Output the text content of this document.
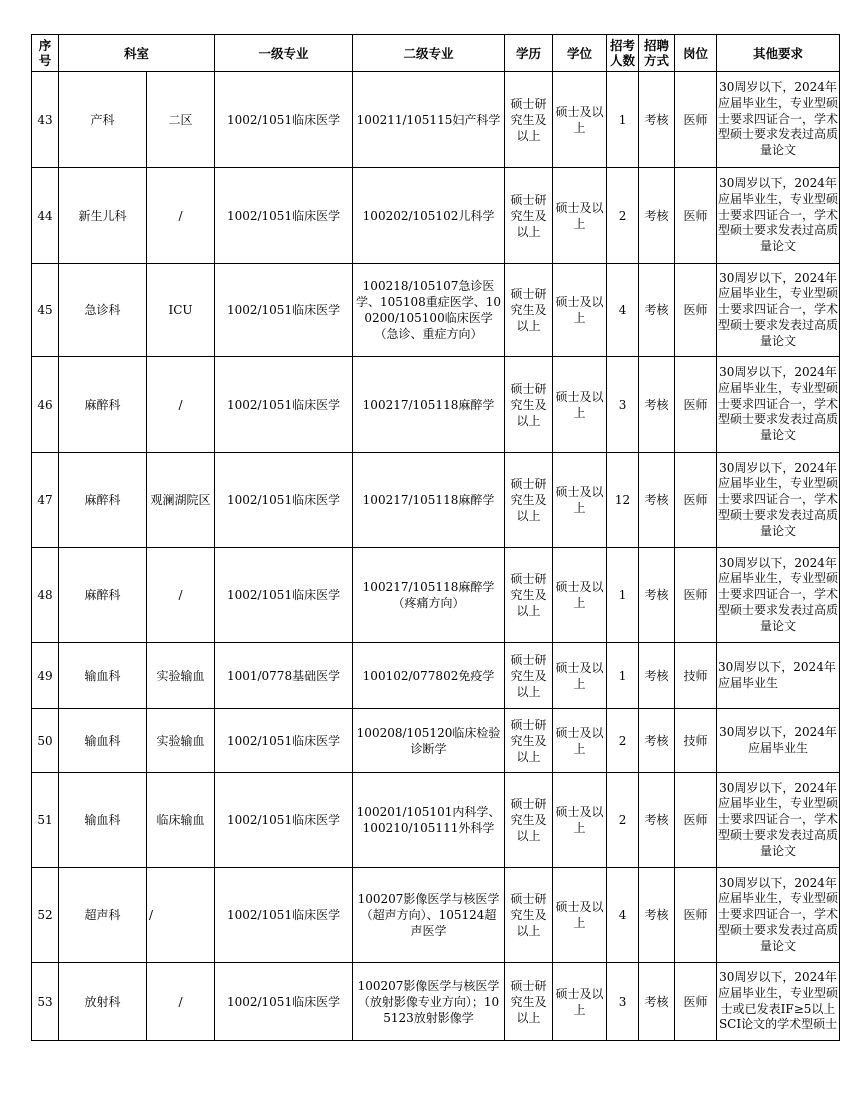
序号	科室		一级专业	二级专业	学历	学位	招考人数	招聘方式	岗位	其他要求
43	产科	二区	1002/1051临床医学	100211/105115妇产科学	硕士研究生及以上	硕士及以上	1	考核	医师	30周岁以下，2024年应届毕业生，专业型硕士要求四证合一，学术型硕士要求发表过高质量论文
44	新生儿科	/	1002/1051临床医学	100202/105102儿科学	硕士研究生及以上	硕士及以上	2	考核	医师	30周岁以下，2024年应届毕业生，专业型硕士要求四证合一，学术型硕士要求发表过高质量论文
45	急诊科	ICU	1002/1051临床医学	100218/105107急诊医学、105108重症医学、100200/105100临床医学（急诊、重症方向）	硕士研究生及以上	硕士及以上	4	考核	医师	30周岁以下，2024年应届毕业生，专业型硕士要求四证合一，学术型硕士要求发表过高质量论文
46	麻醉科	/	1002/1051临床医学	100217/105118麻醉学	硕士研究生及以上	硕士及以上	3	考核	医师	30周岁以下，2024年应届毕业生，专业型硕士要求四证合一，学术型硕士要求发表过高质量论文
47	麻醉科	观澜湖院区	1002/1051临床医学	100217/105118麻醉学	硕士研究生及以上	硕士及以上	12	考核	医师	30周岁以下，2024年应届毕业生，专业型硕士要求四证合一，学术型硕士要求发表过高质量论文
48	麻醉科	/	1002/1051临床医学	100217/105118麻醉学（疼痛方向）	硕士研究生及以上	硕士及以上	1	考核	医师	30周岁以下，2024年应届毕业生，专业型硕士要求四证合一，学术型硕士要求发表过高质量论文
49	输血科	实验输血	1001/0778基础医学	100102/077802免疫学	硕士研究生及以上	硕士及以上	1	考核	技师	30周岁以下，2024年应届毕业生
50	输血科	实验输血	1002/1051临床医学	100208/105120临床检验诊断学	硕士研究生及以上	硕士及以上	2	考核	技师	30周岁以下，2024年应届毕业生
51	输血科	临床输血	1002/1051临床医学	100201/105101内科学、100210/105111外科学	硕士研究生及以上	硕士及以上	2	考核	医师	30周岁以下，2024年应届毕业生，专业型硕士要求四证合一，学术型硕士要求发表过高质量论文
52	超声科	/	1002/1051临床医学	100207影像医学与核医学（超声方向）、105124超声医学	硕士研究生及以上	硕士及以上	4	考核	医师	30周岁以下，2024年应届毕业生，专业型硕士要求四证合一，学术型硕士要求发表过高质量论文
53	放射科	/	1002/1051临床医学	100207影像医学与核医学（放射影像专业方向）；105123放射影像学	硕士研究生及以上	硕士及以上	3	考核	医师	30周岁以下，2024年应届毕业生，专业型硕士或已发表IF≥5以上SCI论文的学术型硕士
